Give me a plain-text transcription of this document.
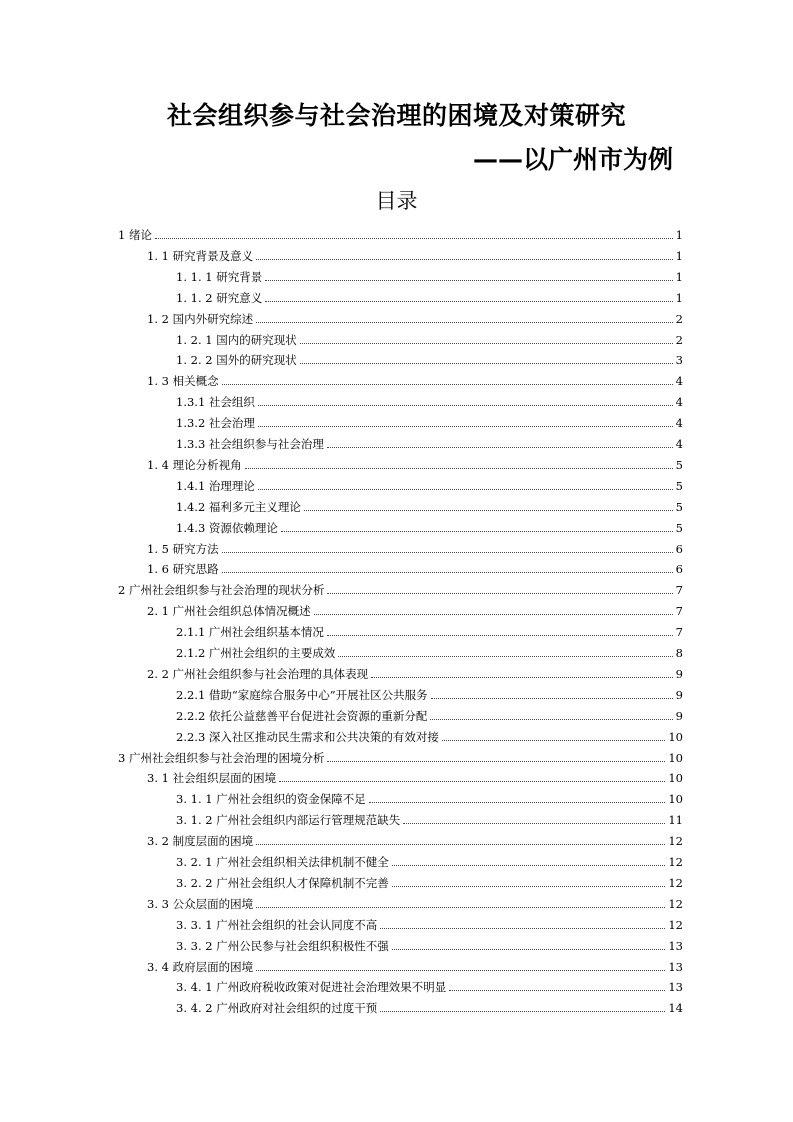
社会组织参与社会治理的困境及对策研究
——以广州市为例
目录
1 绪论	1
1. 1 研究背景及意义	1
1. 1. 1 研究背景	1
1. 1. 2 研究意义	1
1. 2 国内外研究综述	2
1. 2. 1 国内的研究现状	2
1. 2. 2 国外的研究现状	3
1. 3 相关概念	4
1.3.1 社会组织	4
1.3.2 社会治理	4
1.3.3 社会组织参与社会治理	4
1. 4 理论分析视角	5
1.4.1 治理理论	5
1.4.2 福利多元主义理论	5
1.4.3 资源依赖理论	5
1. 5 研究方法	6
1. 6 研究思路	6
2 广州社会组织参与社会治理的现状分析	7
2. 1 广州社会组织总体情况概述	7
2.1.1 广州社会组织基本情况	7
2.1.2 广州社会组织的主要成效	8
2. 2 广州社会组织参与社会治理的具体表现	9
2.2.1 借助“家庭综合服务中心”开展社区公共服务	9
2.2.2 依托公益慈善平台促进社会资源的重新分配	9
2.2.3 深入社区推动民生需求和公共决策的有效对接	10
3 广州社会组织参与社会治理的困境分析	10
3. 1 社会组织层面的困境	10
3. 1. 1 广州社会组织的资金保障不足	10
3. 1. 2 广州社会组织内部运行管理规范缺失	11
3. 2 制度层面的困境	12
3. 2. 1 广州社会组织相关法律机制不健全	12
3. 2. 2 广州社会组织人才保障机制不完善	12
3. 3 公众层面的困境	12
3. 3. 1 广州社会组织的社会认同度不高	12
3. 3. 2 广州公民参与社会组织积极性不强	13
3. 4 政府层面的困境	13
3. 4. 1 广州政府税收政策对促进社会治理效果不明显	13
3. 4. 2 广州政府对社会组织的过度干预	14
